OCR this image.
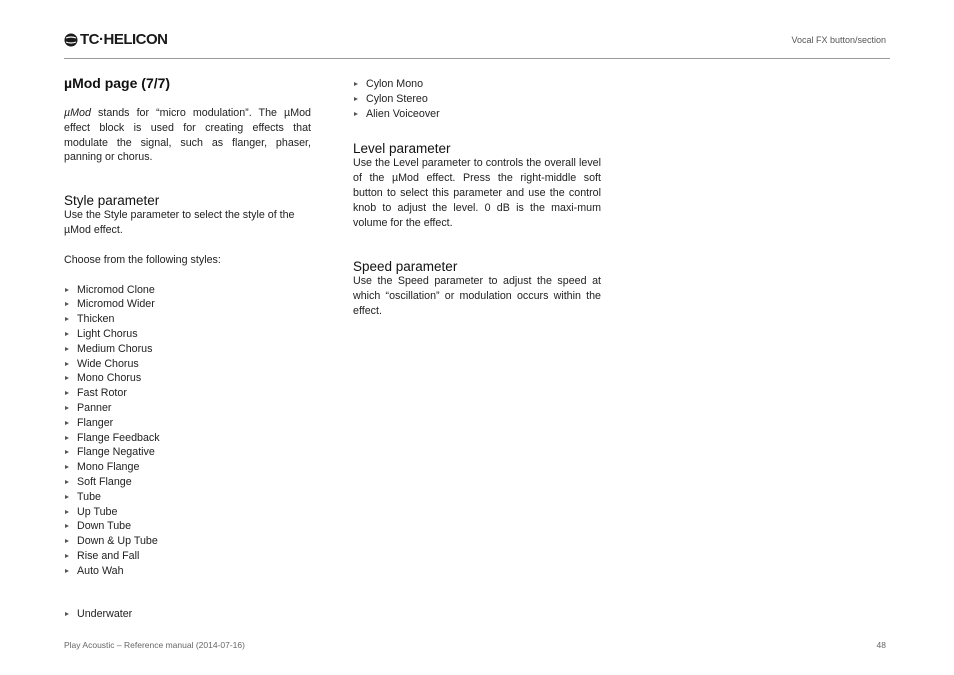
TC·HELICON	Vocal FX button/section
µMod page (7/7)

µMod stands for “micro modulation”. The µMod effect block is used for creating effects that modulate the signal, such as flanger, phaser, panning or chorus.

Style parameter

Use the Style parameter to select the style of the µMod effect.

Choose from the following styles:

Micromod Clone
Micromod Wider
Thicken
Light Chorus
Medium Chorus
Wide Chorus
Mono Chorus
Fast Rotor
Panner
Flanger
Flange Feedback
Flange Negative
Mono Flange
Soft Flange
Tube
Up Tube
Down Tube
Down & Up Tube
Rise and Fall
Auto Wah
Underwater
Cylon Mono
Cylon Stereo
Alien Voiceover
Level parameter

Use the Level parameter to controls the overall level of the µMod effect. Press the right-middle soft button to select this parameter and use the control knob to adjust the level. 0 dB is the maxi-mum volume for the effect.

Speed parameter

Use the Speed parameter to adjust the speed at which “oscillation” or modulation occurs within the effect.

Play Acoustic – Reference manual (2014-07-16)	48
